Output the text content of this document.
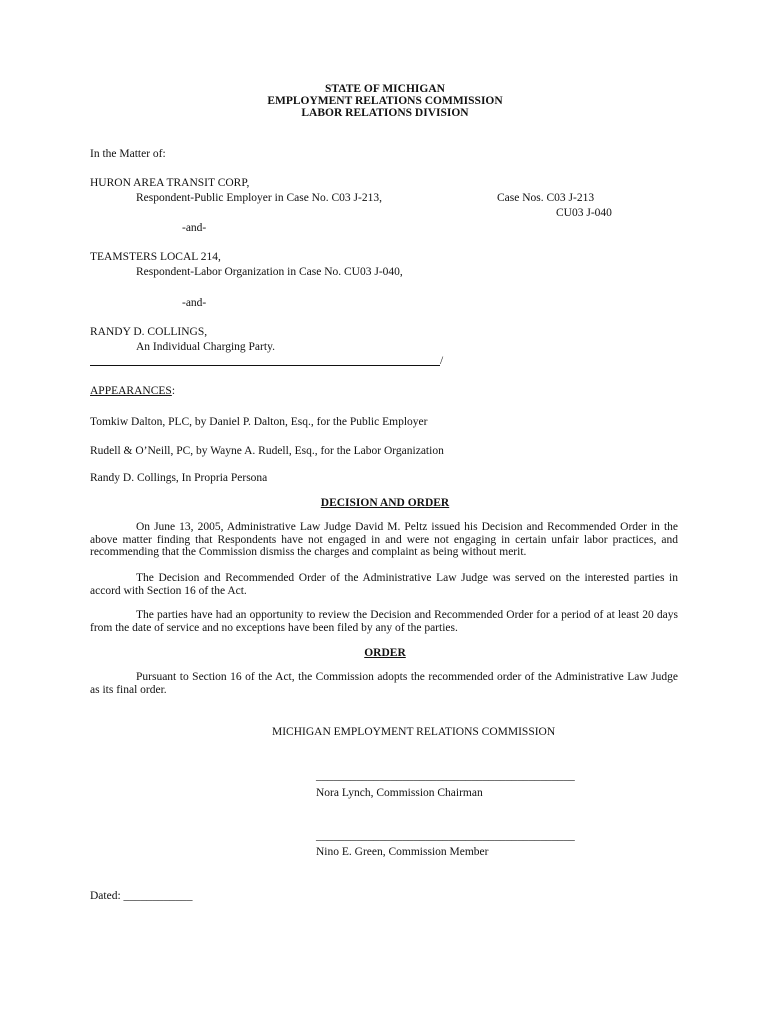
STATE OF MICHIGAN
EMPLOYMENT RELATIONS COMMISSION
LABOR RELATIONS DIVISION
In the Matter of:
HURON AREA TRANSIT CORP,
Respondent-Public Employer in Case No. C03 J-213,	Case Nos. C03 J-213
CU03 J-040
-and-
TEAMSTERS LOCAL 214,
Respondent-Labor Organization in Case No. CU03 J-040,
-and-
RANDY D. COLLINGS,
An Individual Charging Party.
/
APPEARANCES:
Tomkiw Dalton, PLC, by Daniel P. Dalton, Esq., for the Public Employer
Rudell & O’Neill, PC, by Wayne A. Rudell, Esq., for the Labor Organization
Randy D. Collings, In Propria Persona
DECISION AND ORDER
On June 13, 2005, Administrative Law Judge David M. Peltz issued his Decision and Recommended Order in the above matter finding that Respondents have not engaged in and were not engaging in certain unfair labor practices, and recommending that the Commission dismiss the charges and complaint as being without merit.
The Decision and Recommended Order of the Administrative Law Judge was served on the interested parties in accord with Section 16 of the Act.
The parties have had an opportunity to review the Decision and Recommended Order for a period of at least 20 days from the date of service and no exceptions have been filed by any of the parties.
ORDER
Pursuant to Section 16 of the Act, the Commission adopts the recommended order of the Administrative Law Judge as its final order.
MICHIGAN EMPLOYMENT RELATIONS COMMISSION
_____________________________________________
Nora Lynch, Commission Chairman
_____________________________________________
Nino E. Green, Commission Member
Dated: ____________
